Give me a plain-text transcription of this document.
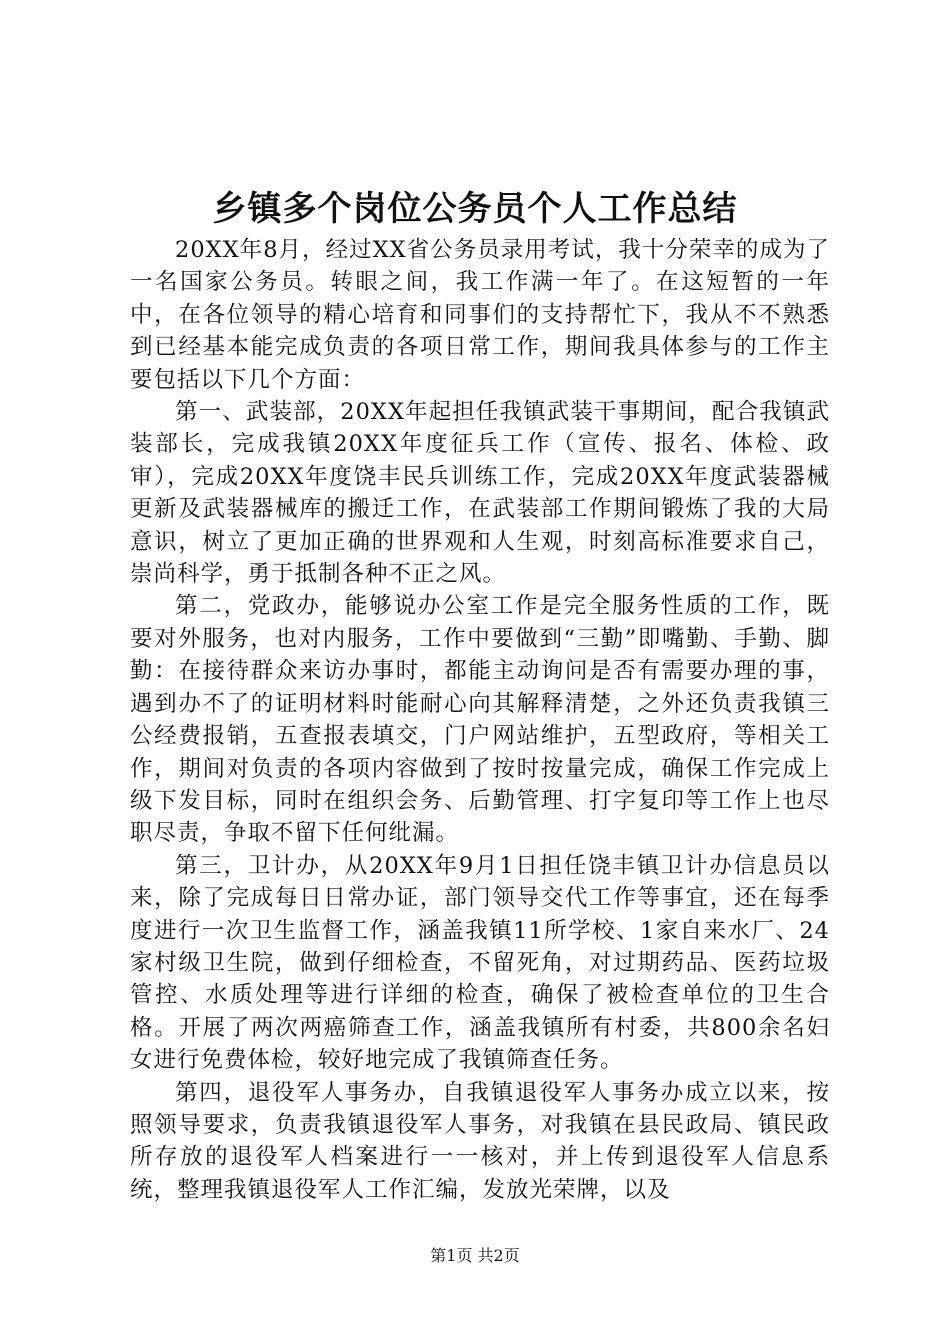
乡镇多个岗位公务员个人工作总结

20XX年8月，经过XX省公务员录用考试，我十分荣幸的成为了一名国家公务员。转眼之间，我工作满一年了。在这短暂的一年中，在各位领导的精心培育和同事们的支持帮忙下，我从不不熟悉到已经基本能完成负责的各项日常工作，期间我具体参与的工作主要包括以下几个方面：

第一、武装部，20XX年起担任我镇武装干事期间，配合我镇武装部长，完成我镇20XX年度征兵工作（宣传、报名、体检、政审），完成20XX年度饶丰民兵训练工作，完成20XX年度武装器械更新及武装器械库的搬迁工作，在武装部工作期间锻炼了我的大局意识，树立了更加正确的世界观和人生观，时刻高标准要求自己，崇尚科学，勇于抵制各种不正之风。

第二，党政办，能够说办公室工作是完全服务性质的工作，既要对外服务，也对内服务，工作中要做到“三勤”即嘴勤、手勤、脚勤：在接待群众来访办事时，都能主动询问是否有需要办理的事，遇到办不了的证明材料时能耐心向其解释清楚，之外还负责我镇三公经费报销，五查报表填交，门户网站维护，五型政府，等相关工作，期间对负责的各项内容做到了按时按量完成，确保工作完成上级下发目标，同时在组织会务、后勤管理、打字复印等工作上也尽职尽责，争取不留下任何纰漏。

第三，卫计办，从20XX年9月1日担任饶丰镇卫计办信息员以来，除了完成每日日常办证，部门领导交代工作等事宜，还在每季度进行一次卫生监督工作，涵盖我镇11所学校、1家自来水厂、24家村级卫生院，做到仔细检查，不留死角，对过期药品、医药垃圾管控、水质处理等进行详细的检查，确保了被检查单位的卫生合格。开展了两次两癌筛查工作，涵盖我镇所有村委，共800余名妇女进行免费体检，较好地完成了我镇筛查任务。

第四，退役军人事务办，自我镇退役军人事务办成立以来，按照领导要求，负责我镇退役军人事务，对我镇在县民政局、镇民政所存放的退役军人档案进行一一核对，并上传到退役军人信息系统，整理我镇退役军人工作汇编，发放光荣牌，以及

第1页 共2页
